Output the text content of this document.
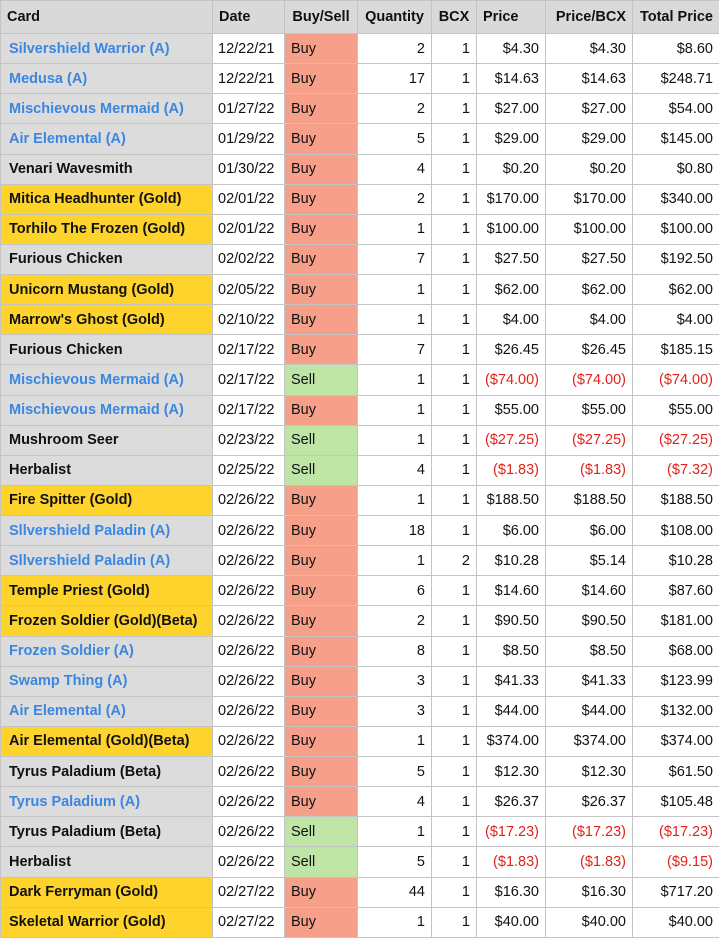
Card	Date	Buy/Sell	Quantity	BCX	Price	Price/BCX	Total Price
Silvershield Warrior (A)	12/22/21	Buy	2	1	$4.30	$4.30	$8.60
Medusa (A)	12/22/21	Buy	17	1	$14.63	$14.63	$248.71
Mischievous Mermaid (A)	01/27/22	Buy	2	1	$27.00	$27.00	$54.00
Air Elemental (A)	01/29/22	Buy	5	1	$29.00	$29.00	$145.00
Venari Wavesmith	01/30/22	Buy	4	1	$0.20	$0.20	$0.80
Mitica Headhunter (Gold)	02/01/22	Buy	2	1	$170.00	$170.00	$340.00
Torhilo The Frozen (Gold)	02/01/22	Buy	1	1	$100.00	$100.00	$100.00
Furious Chicken	02/02/22	Buy	7	1	$27.50	$27.50	$192.50
Unicorn Mustang (Gold)	02/05/22	Buy	1	1	$62.00	$62.00	$62.00
Marrow's Ghost (Gold)	02/10/22	Buy	1	1	$4.00	$4.00	$4.00
Furious Chicken	02/17/22	Buy	7	1	$26.45	$26.45	$185.15
Mischievous Mermaid (A)	02/17/22	Sell	1	1	($74.00)	($74.00)	($74.00)
Mischievous Mermaid (A)	02/17/22	Buy	1	1	$55.00	$55.00	$55.00
Mushroom Seer	02/23/22	Sell	1	1	($27.25)	($27.25)	($27.25)
Herbalist	02/25/22	Sell	4	1	($1.83)	($1.83)	($7.32)
Fire Spitter (Gold)	02/26/22	Buy	1	1	$188.50	$188.50	$188.50
Sllvershield Paladin (A)	02/26/22	Buy	18	1	$6.00	$6.00	$108.00
Sllvershield Paladin (A)	02/26/22	Buy	1	2	$10.28	$5.14	$10.28
Temple Priest (Gold)	02/26/22	Buy	6	1	$14.60	$14.60	$87.60
Frozen Soldier (Gold)(Beta)	02/26/22	Buy	2	1	$90.50	$90.50	$181.00
Frozen Soldier (A)	02/26/22	Buy	8	1	$8.50	$8.50	$68.00
Swamp Thing (A)	02/26/22	Buy	3	1	$41.33	$41.33	$123.99
Air Elemental (A)	02/26/22	Buy	3	1	$44.00	$44.00	$132.00
Air Elemental (Gold)(Beta)	02/26/22	Buy	1	1	$374.00	$374.00	$374.00
Tyrus Paladium (Beta)	02/26/22	Buy	5	1	$12.30	$12.30	$61.50
Tyrus Paladium (A)	02/26/22	Buy	4	1	$26.37	$26.37	$105.48
Tyrus Paladium (Beta)	02/26/22	Sell	1	1	($17.23)	($17.23)	($17.23)
Herbalist	02/26/22	Sell	5	1	($1.83)	($1.83)	($9.15)
Dark Ferryman (Gold)	02/27/22	Buy	44	1	$16.30	$16.30	$717.20
Skeletal Warrior (Gold)	02/27/22	Buy	1	1	$40.00	$40.00	$40.00
